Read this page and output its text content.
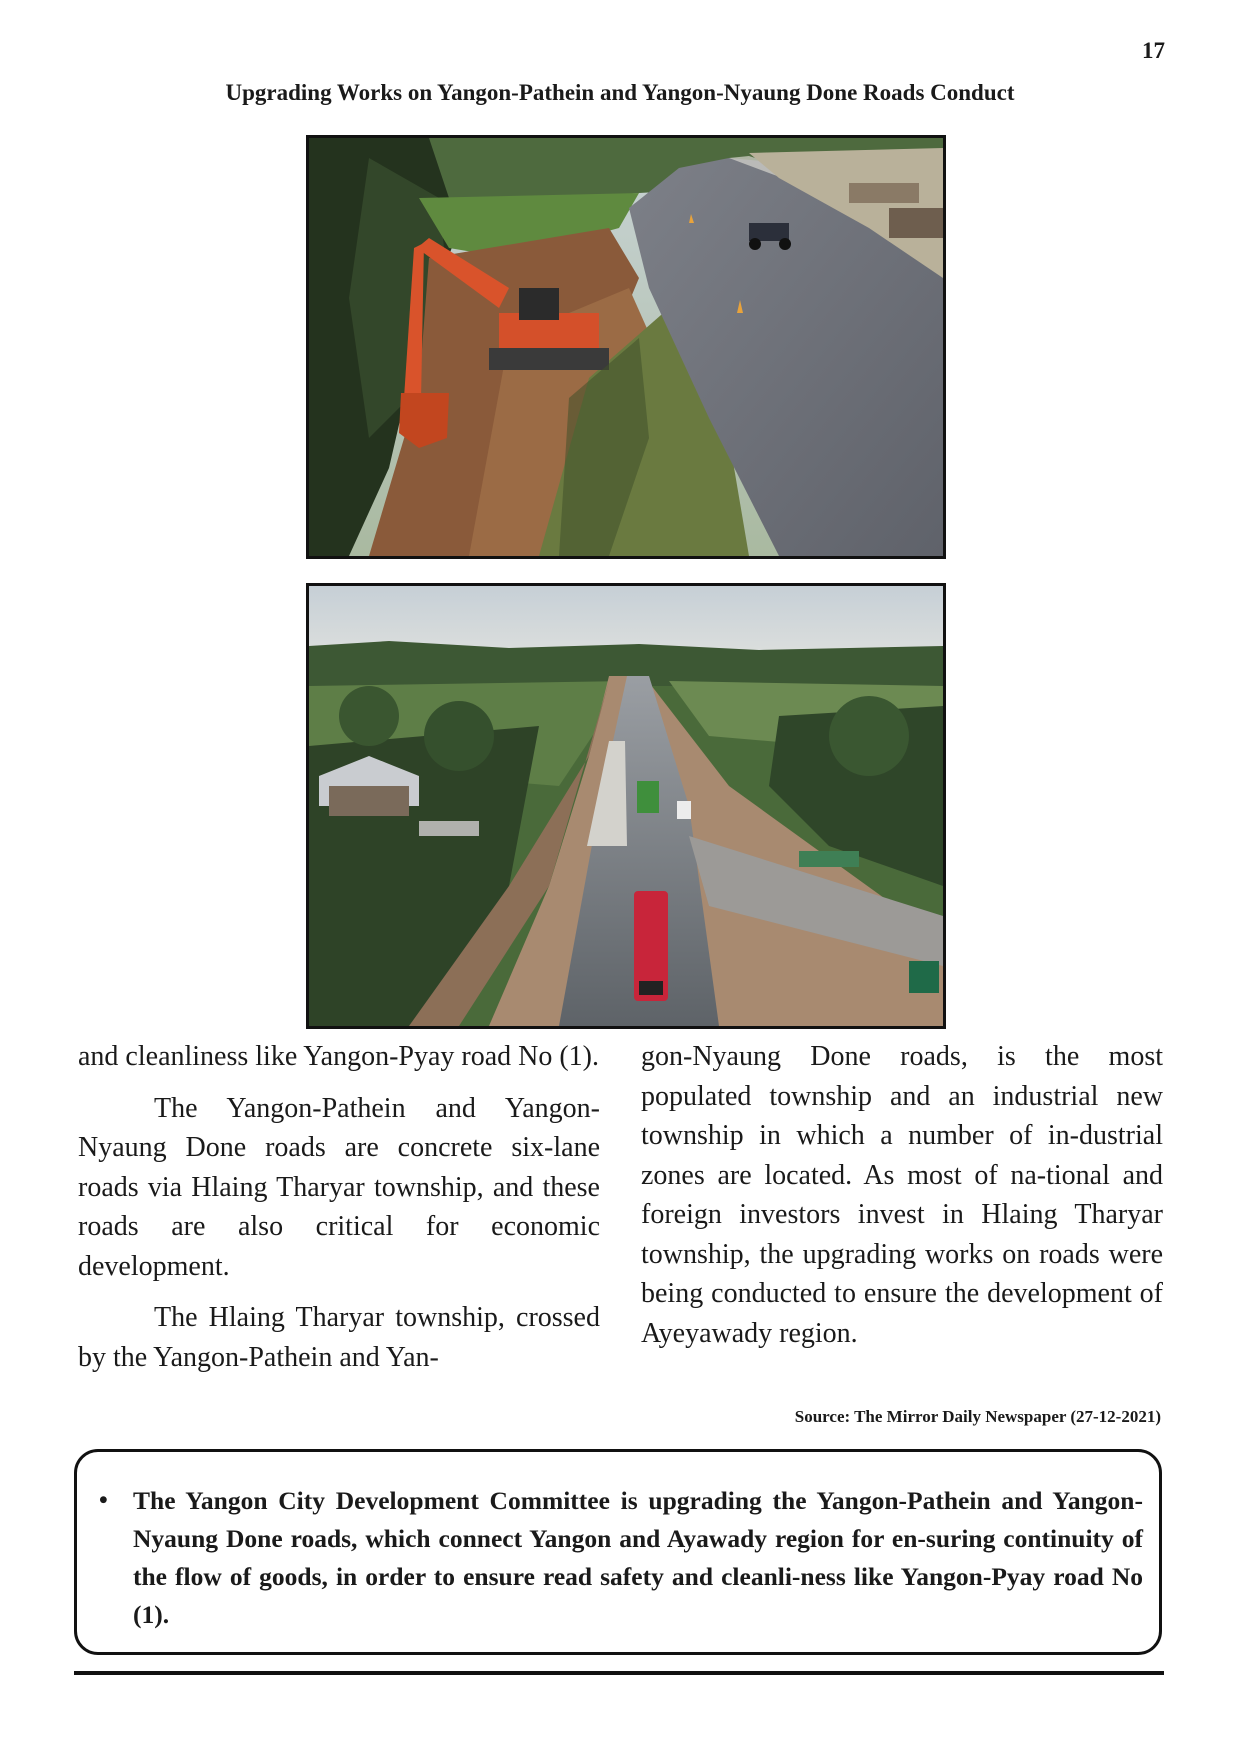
17
Upgrading Works on Yangon-Pathein and Yangon-Nyaung Done Roads Conduct

and cleanliness like Yangon-Pyay road No (1).

The Yangon-Pathein and Yangon-Nyaung Done roads are concrete six-lane roads via Hlaing Tharyar township, and these roads are also critical for economic development.

The Hlaing Tharyar township, crossed by the Yangon-Pathein and Yan-

gon-Nyaung Done roads, is the most populated township and an industrial new township in which a number of in-dustrial zones are located. As most of na-tional and foreign investors invest in Hlaing Tharyar township, the upgrading works on roads were being conducted to ensure the development of Ayeyawady region.

Source: The Mirror Daily Newspaper (27-12-2021)
• The Yangon City Development Committee is upgrading the Yangon-Pathein and Yangon-Nyaung Done roads, which connect Yangon and Ayawady region for en-suring continuity of the flow of goods, in order to ensure read safety and cleanli-ness like Yangon-Pyay road No (1).
